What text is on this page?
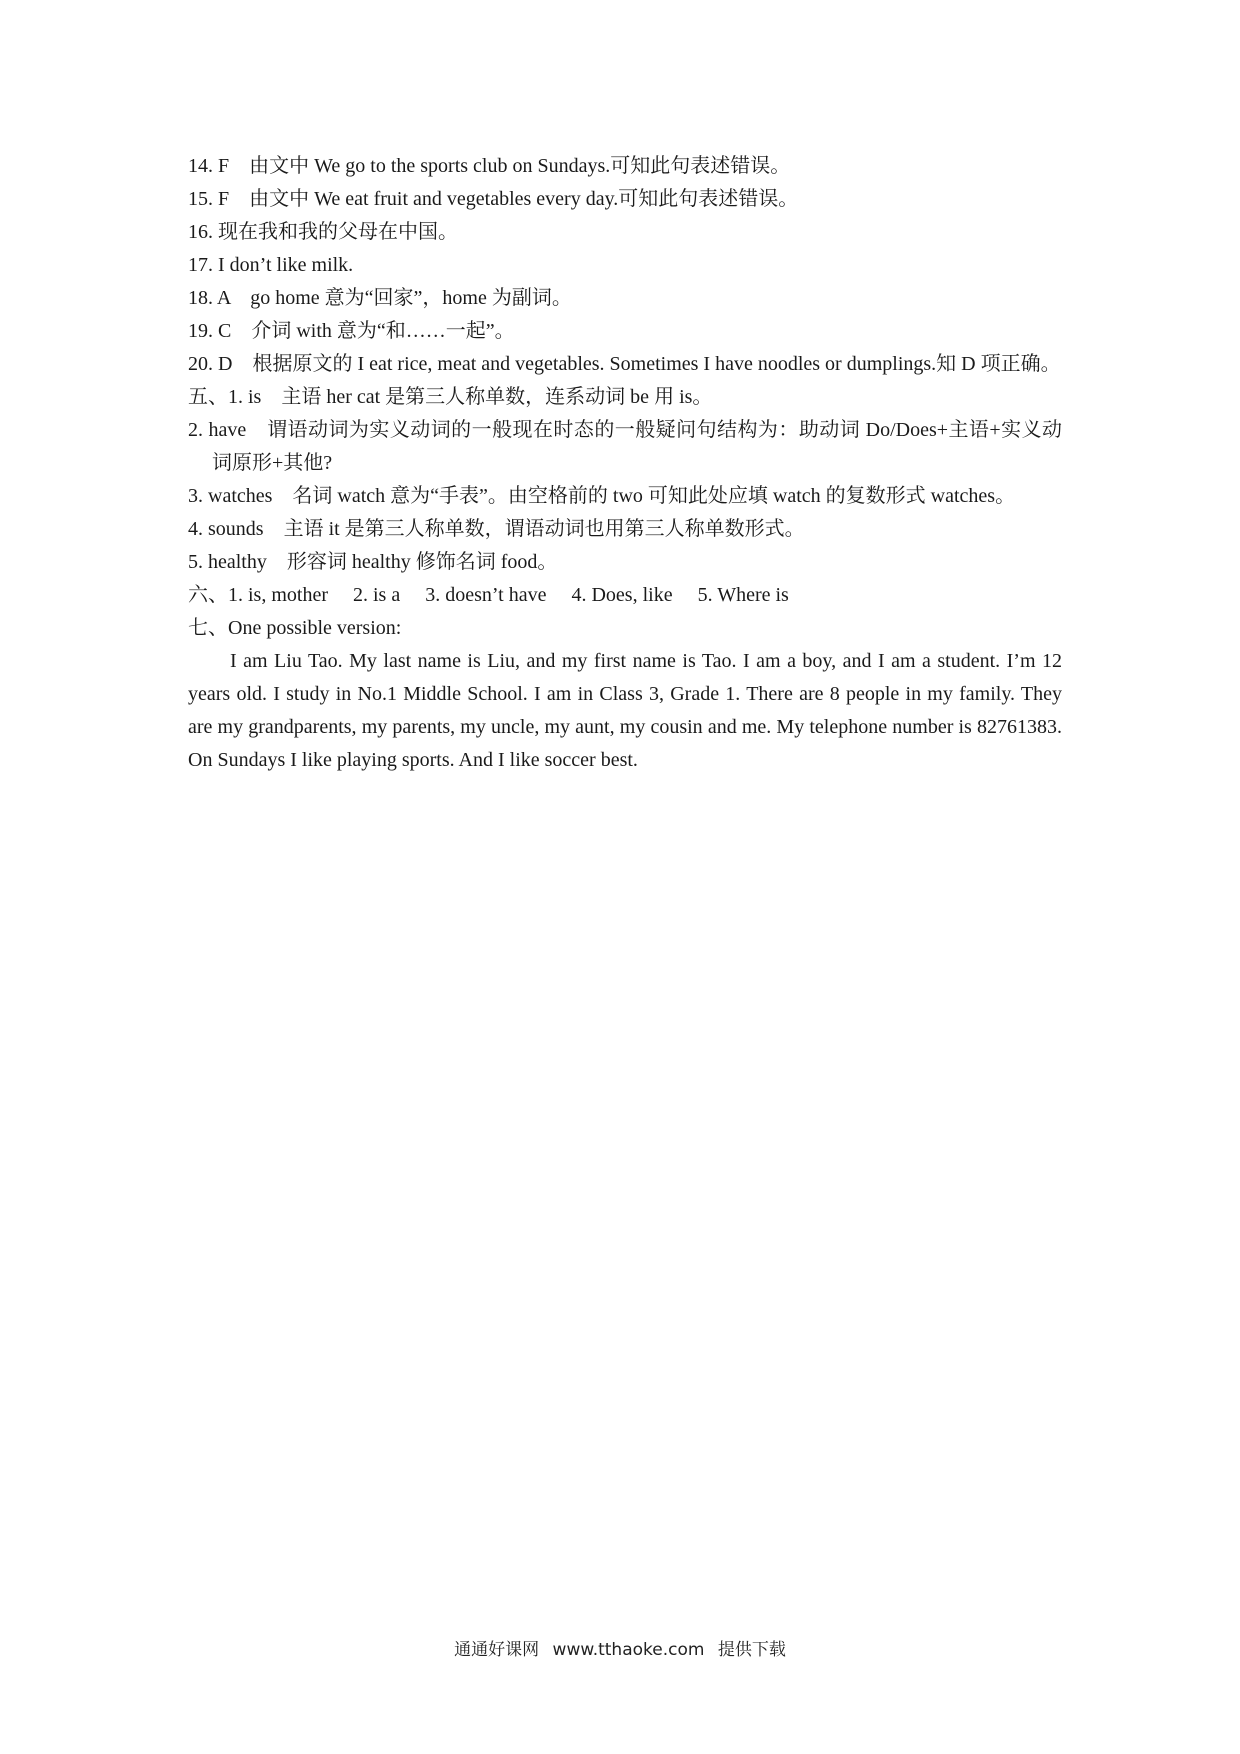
14. F　由文中 We go to the sports club on Sundays.可知此句表述错误。
15. F　由文中 We eat fruit and vegetables every day.可知此句表述错误。
16. 现在我和我的父母在中国。
17. I don’t like milk.
18. A　go home 意为“回家”，home 为副词。
19. C　介词 with 意为“和……一起”。
20. D　根据原文的 I eat rice, meat and vegetables. Sometimes I have noodles or dumplings.知 D 项正确。
五、1. is　主语 her cat 是第三人称单数，连系动词 be 用 is。
2. have　谓语动词为实义动词的一般现在时态的一般疑问句结构为：助动词 Do/Does+主语+实义动词原形+其他?
3. watches　名词 watch 意为“手表”。由空格前的 two 可知此处应填 watch 的复数形式 watches。
4. sounds　主语 it 是第三人称单数，谓语动词也用第三人称单数形式。
5. healthy　形容词 healthy 修饰名词 food。
六、1. is, mother　 2. is a　 3. doesn’t have　 4. Does, like　 5. Where is
七、One possible version:
I am Liu Tao. My last name is Liu, and my first name is Tao. I am a boy, and I am a student. I’m 12 years old. I study in No.1 Middle School. I am in Class 3, Grade 1. There are 8 people in my family. They are my grandparents, my parents, my uncle, my aunt, my cousin and me. My telephone number is 82761383. On Sundays I like playing sports. And I like soccer best.
通通好课网 www.tthaoke.com 提供下载
